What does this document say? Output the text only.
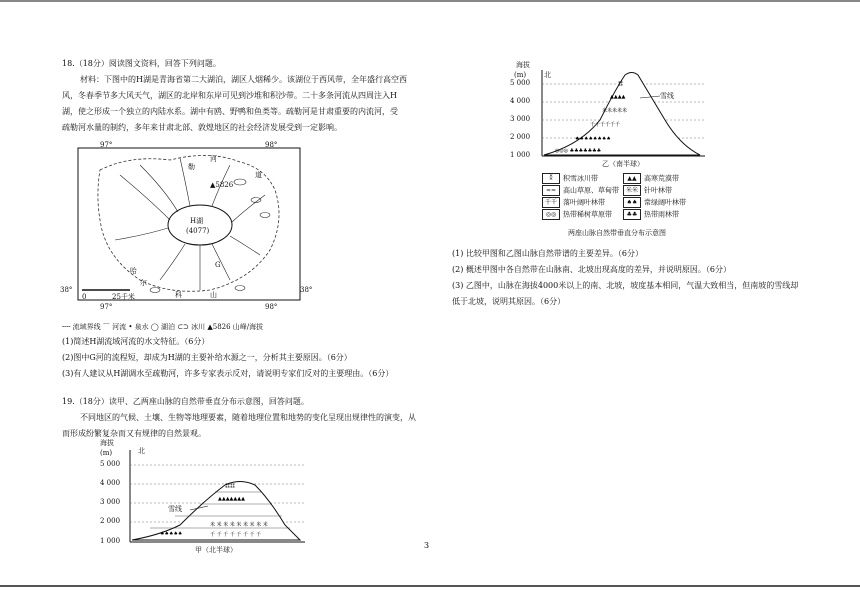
18.（18分）阅读图文资料，回答下列问题。
材料：下图中的H湖是青海省第二大湖泊，湖区人烟稀少。该湖位于西风带，全年盛行高空西
风，冬春季节多大风天气，湖区的北岸和东岸可见到沙堆和积沙带。二十多条河流从四周注入H
湖，使之形成一个独立的内陆水系。湖中有鸥、野鸭和鱼类等。疏勒河是甘肃重要的内流河，受
疏勒河水量的制约，多年来甘肃北部、敦煌地区的社会经济发展受到一定影响。
97°	98°
勒
河
道
▲5826
H湖
(4077)
G
哈
尔
科	山
38°	38°
0	25千米
97°	98°
╌╌ 流域界线 ⌒ 河流 • 泉水 ◯ 湖泊 ⊂⊃ 冰川 ▲5826 山峰/海拔
(1)简述H湖流域河流的水文特征。（6分）
(2)图中G河的流程短，却成为H湖的主要补给水源之一，分析其主要原因。（6分）
(3)有人建议从H湖调水至疏勒河，许多专家表示反对，请说明专家们反对的主要理由。（6分）
19.（18分）读甲、乙两座山脉的自然带垂直分布示意图，回答问题。
不同地区的气候、土壤、生物等地理要素，随着地理位置和地势的变化呈现出规律性的演变，从
而形成纷繁复杂而又有规律的自然景观。
米 米 米 米 米 米 米 米 米
千 千 千 千 千 千 千 千
▲▲▲▲▲▲▲
⁑⁑⁑⁑
♠♠♠♠♠
海拔
(m)	北
5 000
4 000
3 000
2 000
1 000
雪线
甲（北半球）
⁑⁑
▲▲▲▲
米米米米米
千千千千千千
♠♠♠♠♠♠♠♠
◎◎◎ ♣♣♣♣♣♣♣
海拔
(m)	北
5 000
4 000
3 000
2 000
1 000
雪线
乙（南半球）
⁑ 积雪冰川带	▲▲ 高寒荒漠带
≈≈ 高山草原、草甸带	米米 针叶林带
千千 落叶阔叶林带	♠♠ 常绿阔叶林带
◎◎ 热带稀树草原带	♣♣ 热带雨林带
两座山脉自然带垂直分布示意图
(1) 比较甲图和乙图山脉自然带谱的主要差异。（6分）
(2) 概述甲图中各自然带在山脉南、北坡出现高度的差异，并说明原因。（6分）
(3) 乙图中，山脉在海拔4000米以上的南、北坡，坡度基本相同，气温大致相当，但南坡的雪线却
低于北坡，说明其原因。（6分）
3
